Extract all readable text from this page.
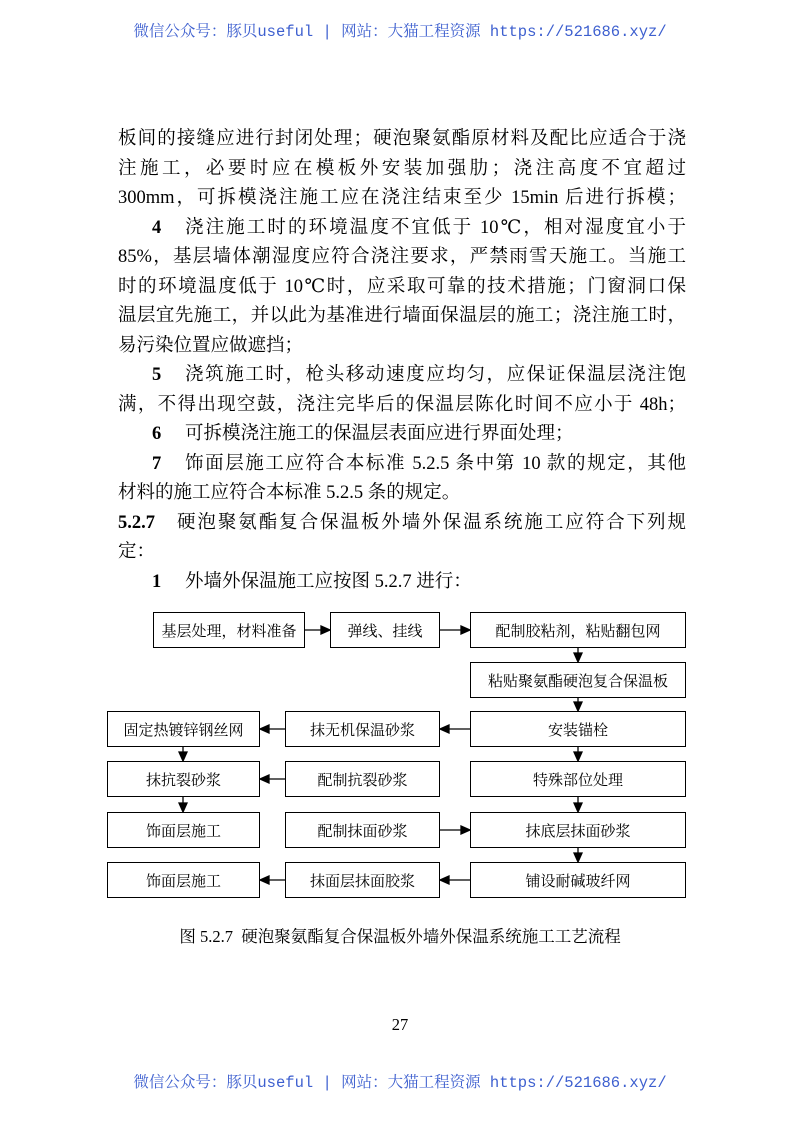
微信公众号：豚贝useful | 网站：大猫工程资源 https://521686.xyz/
板间的接缝应进行封闭处理；硬泡聚氨酯原材料及配比应适合于浇
注施工，必要时应在模板外安装加强肋；浇注高度不宜超过
300mm，可拆模浇注施工应在浇注结束至少 15min 后进行拆模；
4 浇注施工时的环境温度不宜低于 10℃，相对湿度宜小于
85%，基层墙体潮湿度应符合浇注要求，严禁雨雪天施工。当施工
时的环境温度低于 10℃时，应采取可靠的技术措施；门窗洞口保
温层宜先施工，并以此为基准进行墙面保温层的施工；浇注施工时，
易污染位置应做遮挡；
5 浇筑施工时，枪头移动速度应均匀，应保证保温层浇注饱
满，不得出现空鼓，浇注完毕后的保温层陈化时间不应小于 48h；
6 可拆模浇注施工的保温层表面应进行界面处理；
7 饰面层施工应符合本标准 5.2.5 条中第 10 款的规定，其他
材料的施工应符合本标准 5.2.5 条的规定。
5.2.7 硬泡聚氨酯复合保温板外墙外保温系统施工应符合下列规
定：
1 外墙外保温施工应按图 5.2.7 进行：
基层处理，材料准备	弹线、挂线	配制胶粘剂，粘贴翻包网
粘贴聚氨酯硬泡复合保温板
固定热镀锌钢丝网	抹无机保温砂浆	安装锚栓
抹抗裂砂浆	配制抗裂砂浆	特殊部位处理
饰面层施工	配制抹面砂浆	抹底层抹面砂浆
饰面层施工	抹面层抹面胶浆	铺设耐碱玻纤网
图 5.2.7  硬泡聚氨酯复合保温板外墙外保温系统施工工艺流程
27
微信公众号：豚贝useful | 网站：大猫工程资源 https://521686.xyz/
